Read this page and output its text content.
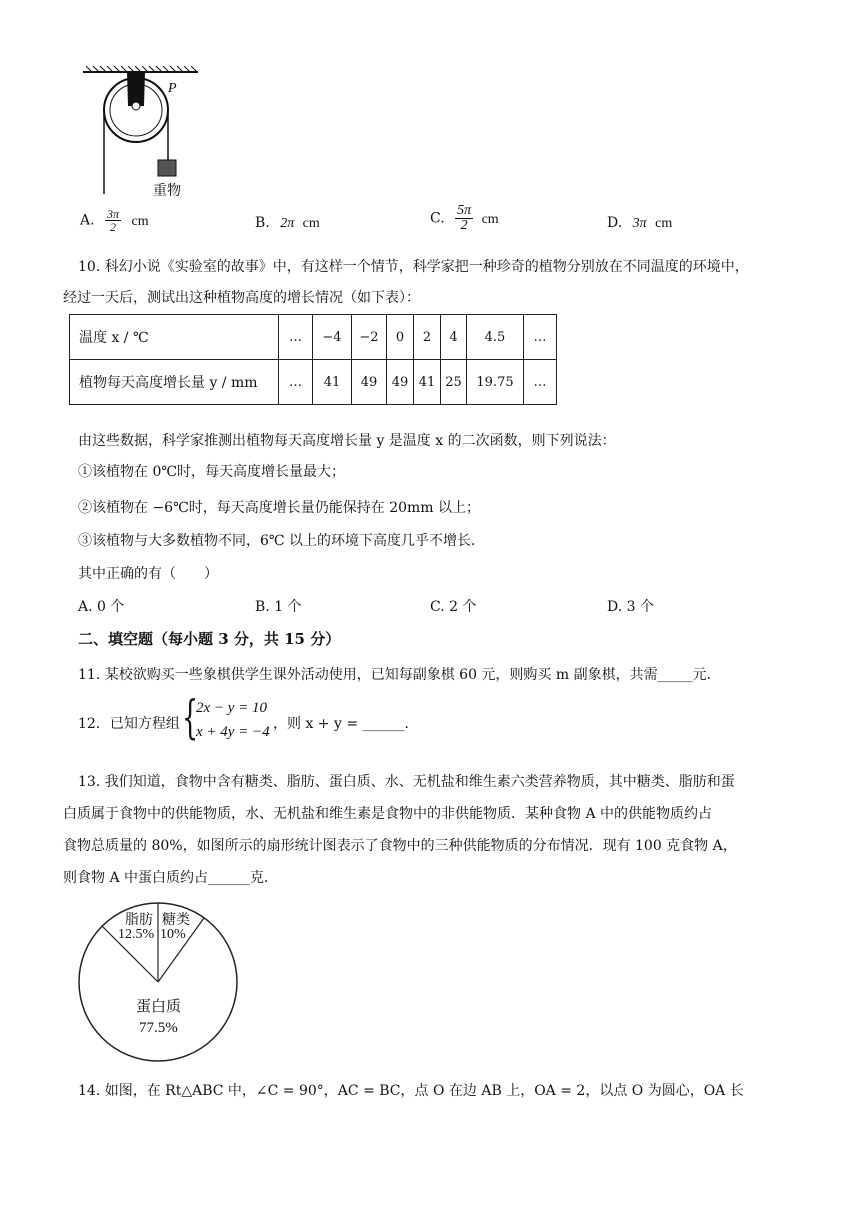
P
重物
A. $\frac{3\pi}{2}$ cm	B. 2π cm	C. $\frac{5\pi}{2}$ cm	D. 3π cm
10. 科幻小说《实验室的故事》中，有这样一个情节，科学家把一种珍奇的植物分别放在不同温度的环境中，
经过一天后，测试出这种植物高度的增长情况（如下表）：
温度 x / ℃	…	−4	−2	0	2	4	4.5	…
植物每天高度增长量 y / mm	…	41	49	49	41	25	19.75	…
由这些数据，科学家推测出植物每天高度增长量 y 是温度 x 的二次函数，则下列说法：
①该植物在 0℃时，每天高度增长量最大；
②该植物在 −6℃时，每天高度增长量仍能保持在 20mm 以上；
③该植物与大多数植物不同，6℃ 以上的环境下高度几乎不增长．
其中正确的有（　　）
A. 0 个	B. 1 个	C. 2 个	D. 3 个
二、填空题（每小题 3 分，共 15 分）
11. 某校欲购买一些象棋供学生课外活动使用，已知每副象棋 60 元，则购买 m 副象棋，共需_____元．
12．已知方程组 {
2x − y = 10
x + 4y = −4 ，则 x + y = ______．
13. 我们知道，食物中含有糖类、脂肪、蛋白质、水、无机盐和维生素六类营养物质，其中糖类、脂肪和蛋
白质属于食物中的供能物质，水、无机盐和维生素是食物中的非供能物质．某种食物 A 中的供能物质约占
食物总质量的 80%，如图所示的扇形统计图表示了食物中的三种供能物质的分布情况．现有 100 克食物 A，
则食物 A 中蛋白质约占______克．
脂肪
12.5%
糖类
10%
蛋白质
77.5%
14. 如图，在 Rt△ABC 中，∠C = 90°，AC = BC，点 O 在边 AB 上，OA = 2，以点 O 为圆心，OA 长
